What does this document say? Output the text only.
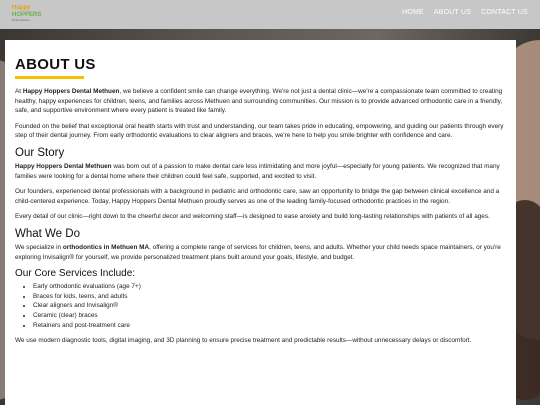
Happy
HOPPERS
Dental Methuen
HOME ABOUT US CONTACT US
ABOUT US

At Happy Hoppers Dental Methuen, we believe a confident smile can change everything. We're not just a dental clinic—we're a compassionate team committed to creating healthy, happy experiences for children, teens, and families across Methuen and surrounding communities. Our mission is to provide advanced orthodontic care in a friendly, safe, and supportive environment where every patient is treated like family.

Founded on the belief that exceptional oral health starts with trust and understanding, our team takes pride in educating, empowering, and guiding our patients through every step of their dental journey. From early orthodontic evaluations to clear aligners and braces, we're here to help you smile brighter with confidence and care.

Our Story

Happy Hoppers Dental Methuen was born out of a passion to make dental care less intimidating and more joyful—especially for young patients. We recognized that many families were looking for a dental home where their children could feel safe, supported, and excited to visit.

Our founders, experienced dental professionals with a background in pediatric and orthodontic care, saw an opportunity to bridge the gap between clinical excellence and a child-centered experience. Today, Happy Hoppers Dental Methuen proudly serves as one of the leading family-focused orthodontic practices in the region.

Every detail of our clinic—right down to the cheerful decor and welcoming staff—is designed to ease anxiety and build long-lasting relationships with patients of all ages.

What We Do

We specialize in orthodontics in Methuen MA, offering a complete range of services for children, teens, and adults. Whether your child needs space maintainers, or you're exploring Invisalign® for yourself, we provide personalized treatment plans built around your goals, lifestyle, and budget.

Our Core Services Include:
• Early orthodontic evaluations (age 7+)
• Braces for kids, teens, and adults
• Clear aligners and Invisalign®
• Ceramic (clear) braces
• Retainers and post-treatment care

We use modern diagnostic tools, digital imaging, and 3D planning to ensure precise treatment and predictable results—without unnecessary delays or discomfort.
